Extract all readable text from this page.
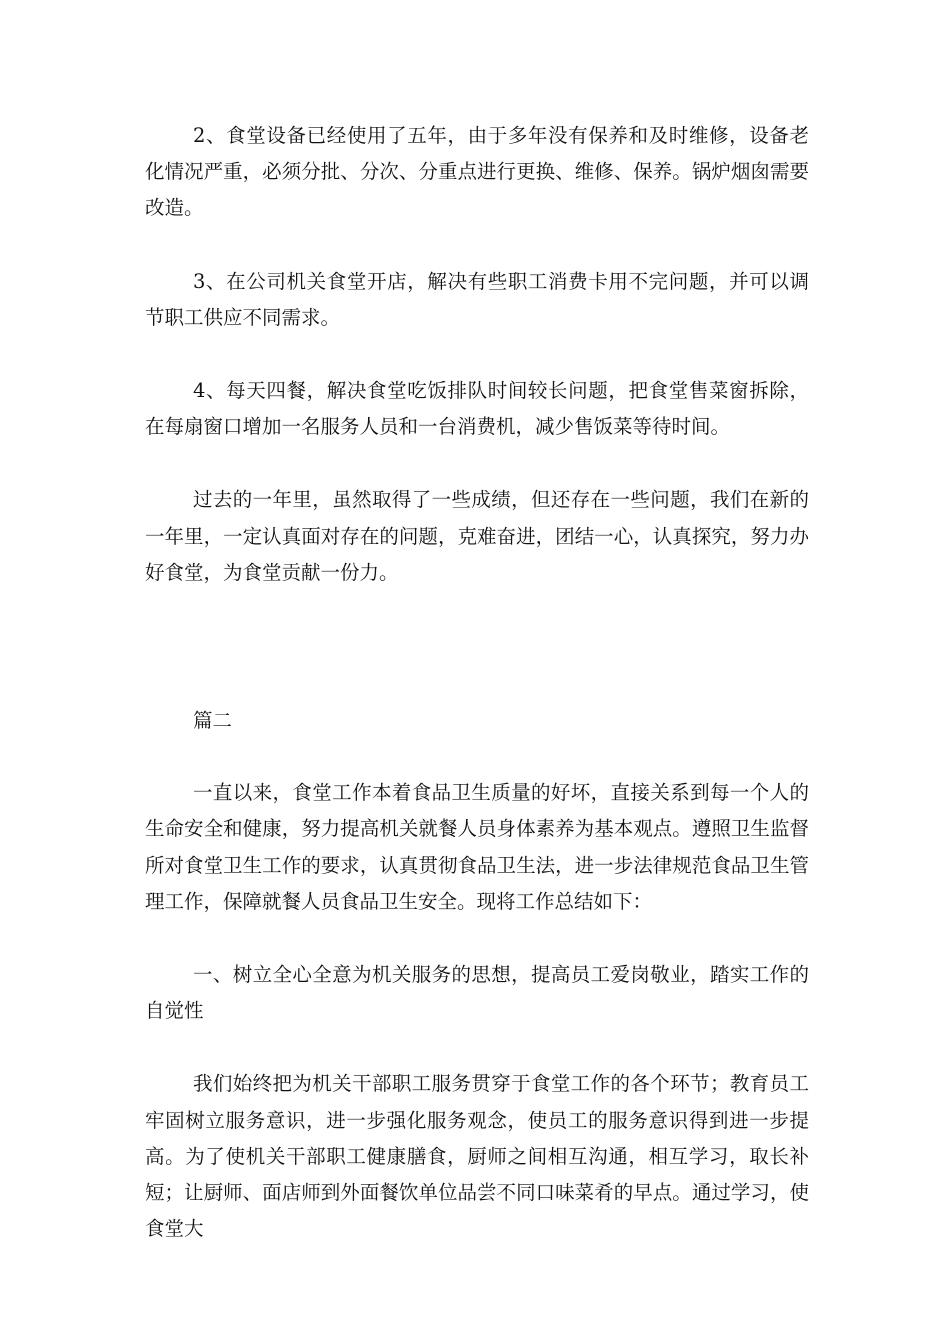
2、食堂设备已经使用了五年，由于多年没有保养和及时维修，设备老化情况严重，必须分批、分次、分重点进行更换、维修、保养。锅炉烟囱需要改造。

3、在公司机关食堂开店，解决有些职工消费卡用不完问题，并可以调节职工供应不同需求。

4、每天四餐，解决食堂吃饭排队时间较长问题，把食堂售菜窗拆除，在每扇窗口增加一名服务人员和一台消费机，减少售饭菜等待时间。

过去的一年里，虽然取得了一些成绩，但还存在一些问题，我们在新的一年里，一定认真面对存在的问题，克难奋进，团结一心，认真探究，努力办好食堂，为食堂贡献一份力。

篇二

一直以来，食堂工作本着食品卫生质量的好坏，直接关系到每一个人的生命安全和健康，努力提高机关就餐人员身体素养为基本观点。遵照卫生监督所对食堂卫生工作的要求，认真贯彻食品卫生法，进一步法律规范食品卫生管理工作，保障就餐人员食品卫生安全。现将工作总结如下：

一、树立全心全意为机关服务的思想，提高员工爱岗敬业，踏实工作的自觉性

我们始终把为机关干部职工服务贯穿于食堂工作的各个环节；教育员工牢固树立服务意识，进一步强化服务观念，使员工的服务意识得到进一步提高。为了使机关干部职工健康膳食，厨师之间相互沟通，相互学习，取长补短；让厨师、面店师到外面餐饮单位品尝不同口味菜肴的早点。通过学习，使食堂大
